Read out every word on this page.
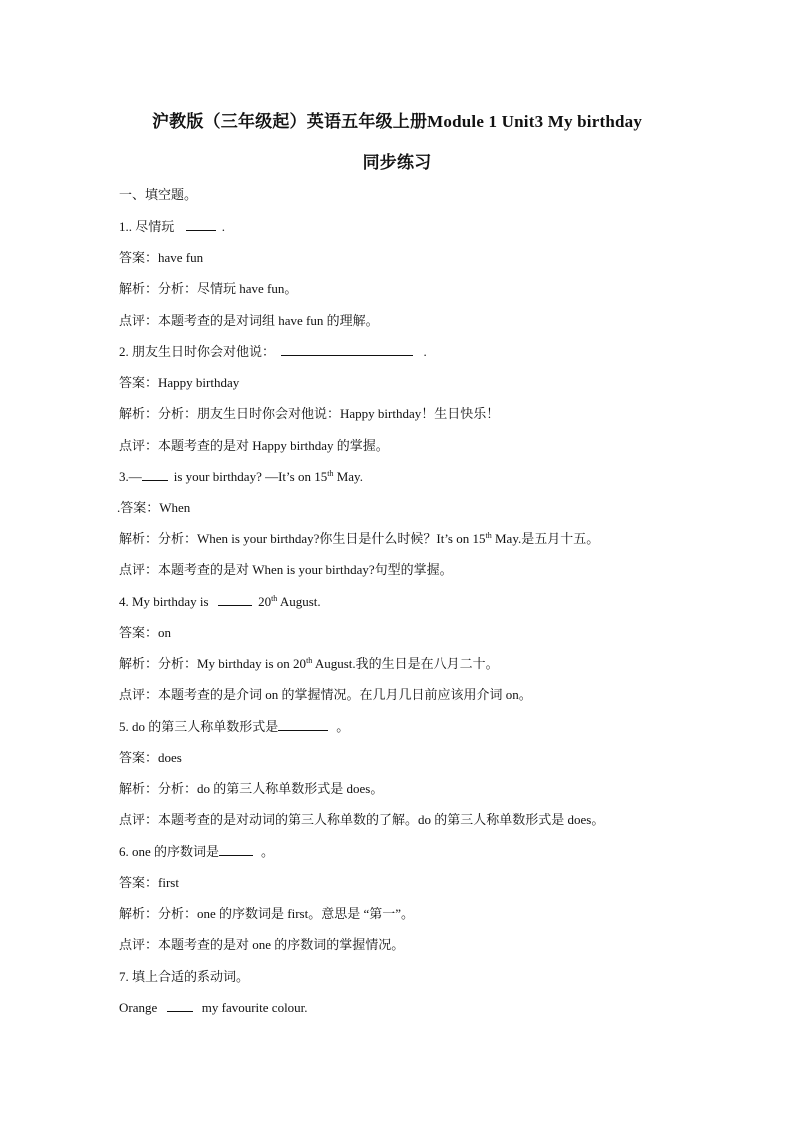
沪教版（三年级起）英语五年级上册Module 1 Unit3 My birthday
同步练习
一、填空题。
1.. 尽情玩	.
答案：have fun
解析：分析：尽情玩 have fun。
点评：本题考查的是对词组 have fun 的理解。
2. 朋友生日时你会对他说：	.
答案：Happy birthday
解析：分析：朋友生日时你会对他说：Happy birthday！生日快乐！
点评：本题考查的是对 Happy birthday 的掌握。
3.— is your birthday? —It’s on 15th May.
.答案：When
解析：分析：When is your birthday?你生日是什么时候？It’s on 15th May.是五月十五。
点评：本题考查的是对 When is your birthday?句型的掌握。
4. My birthday is	20th August.
答案：on
解析：分析：My birthday is on 20th August.我的生日是在八月二十。
点评：本题考查的是介词 on 的掌握情况。在几月几日前应该用介词 on。
5. do 的第三人称单数形式是	。
答案：does
解析：分析：do 的第三人称单数形式是 does。
点评：本题考查的是对动词的第三人称单数的了解。do 的第三人称单数形式是 does。
6. one 的序数词是	。
答案：first
解析：分析：one 的序数词是 first。意思是 “第一”。
点评：本题考查的是对 one 的序数词的掌握情况。
7. 填上合适的系动词。
Orange	my favourite colour.
